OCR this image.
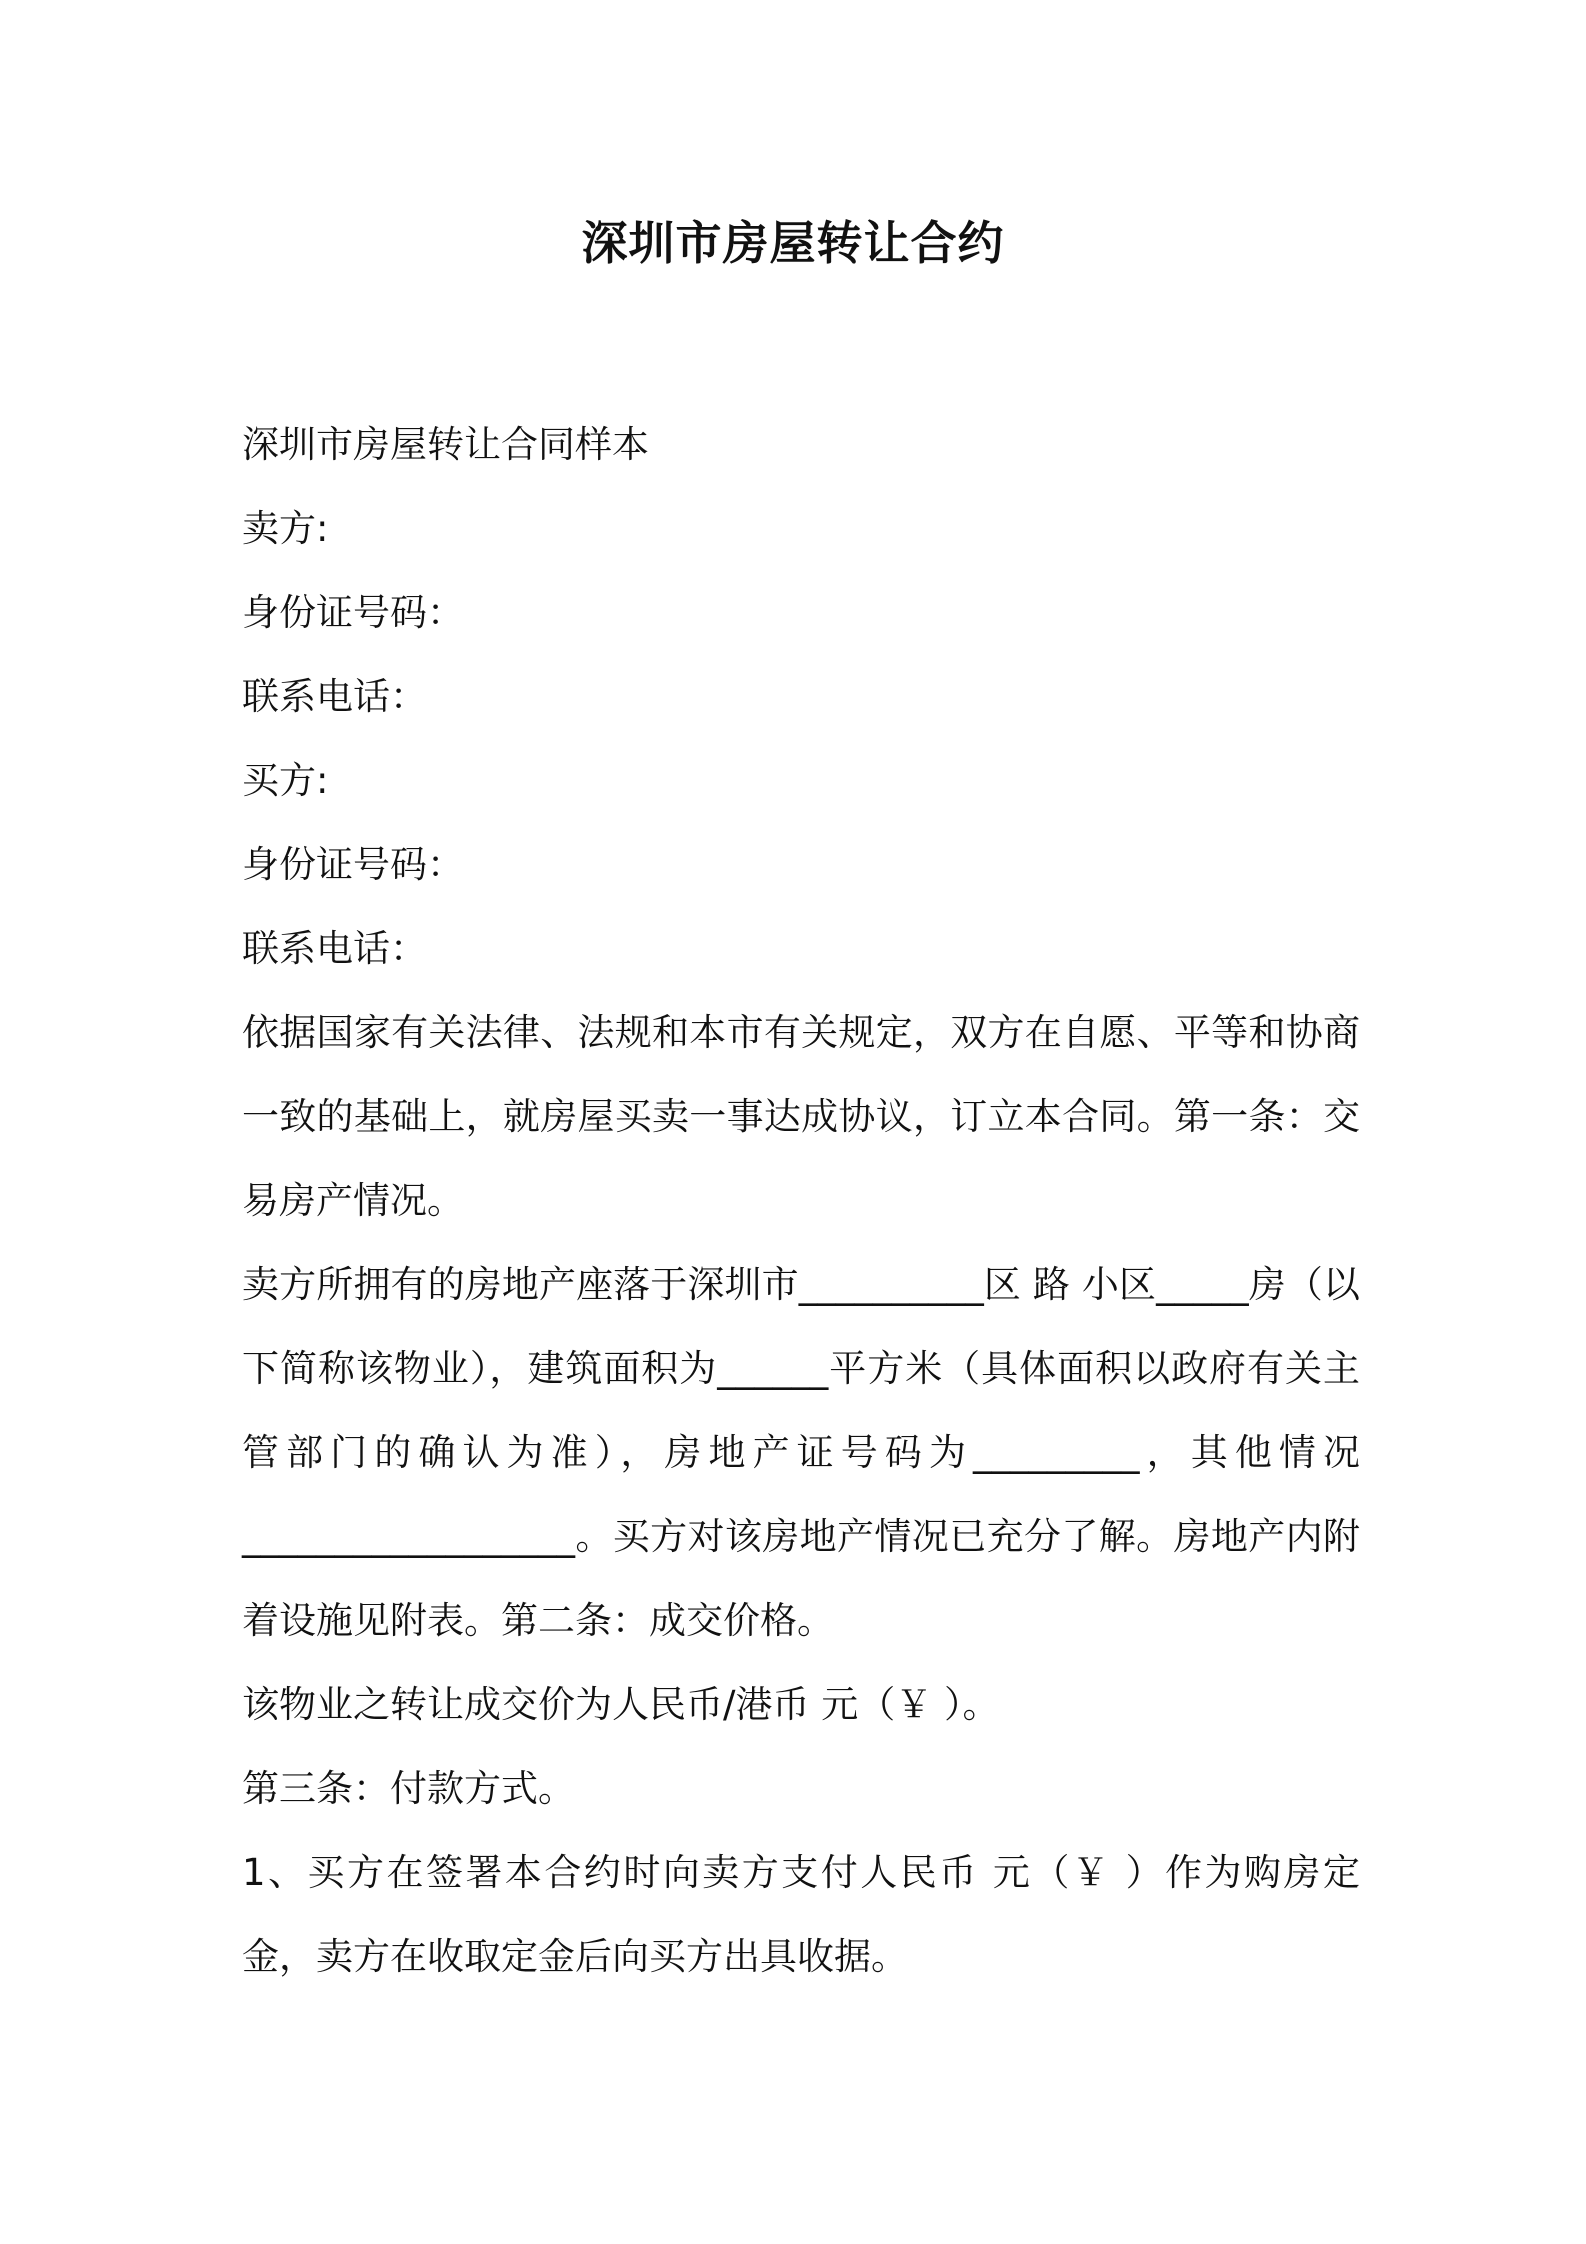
深圳市房屋转让合约

深圳市房屋转让合同样本

卖方:

身份证号码：

联系电话：

买方:

身份证号码：

联系电话：

依据国家有关法律、法规和本市有关规定，双方在自愿、平等和协商一致的基础上，就房屋买卖一事达成协议，订立本合同。第一条：交易房产情况。

卖方所拥有的房地产座落于深圳市__________区 路 小区_____房（以下简称该物业），建筑面积为______平方米（具体面积以政府有关主管部门的确认为准），房地产证号码为_________，其他情况__________________。买方对该房地产情况已充分了解。房地产内附着设施见附表。第二条：成交价格。

该物业之转让成交价为人民币/港币 元（￥ ）。

第三条：付款方式。

1、买方在签署本合约时向卖方支付人民币 元（￥ ）作为购房定金，卖方在收取定金后向买方出具收据。
